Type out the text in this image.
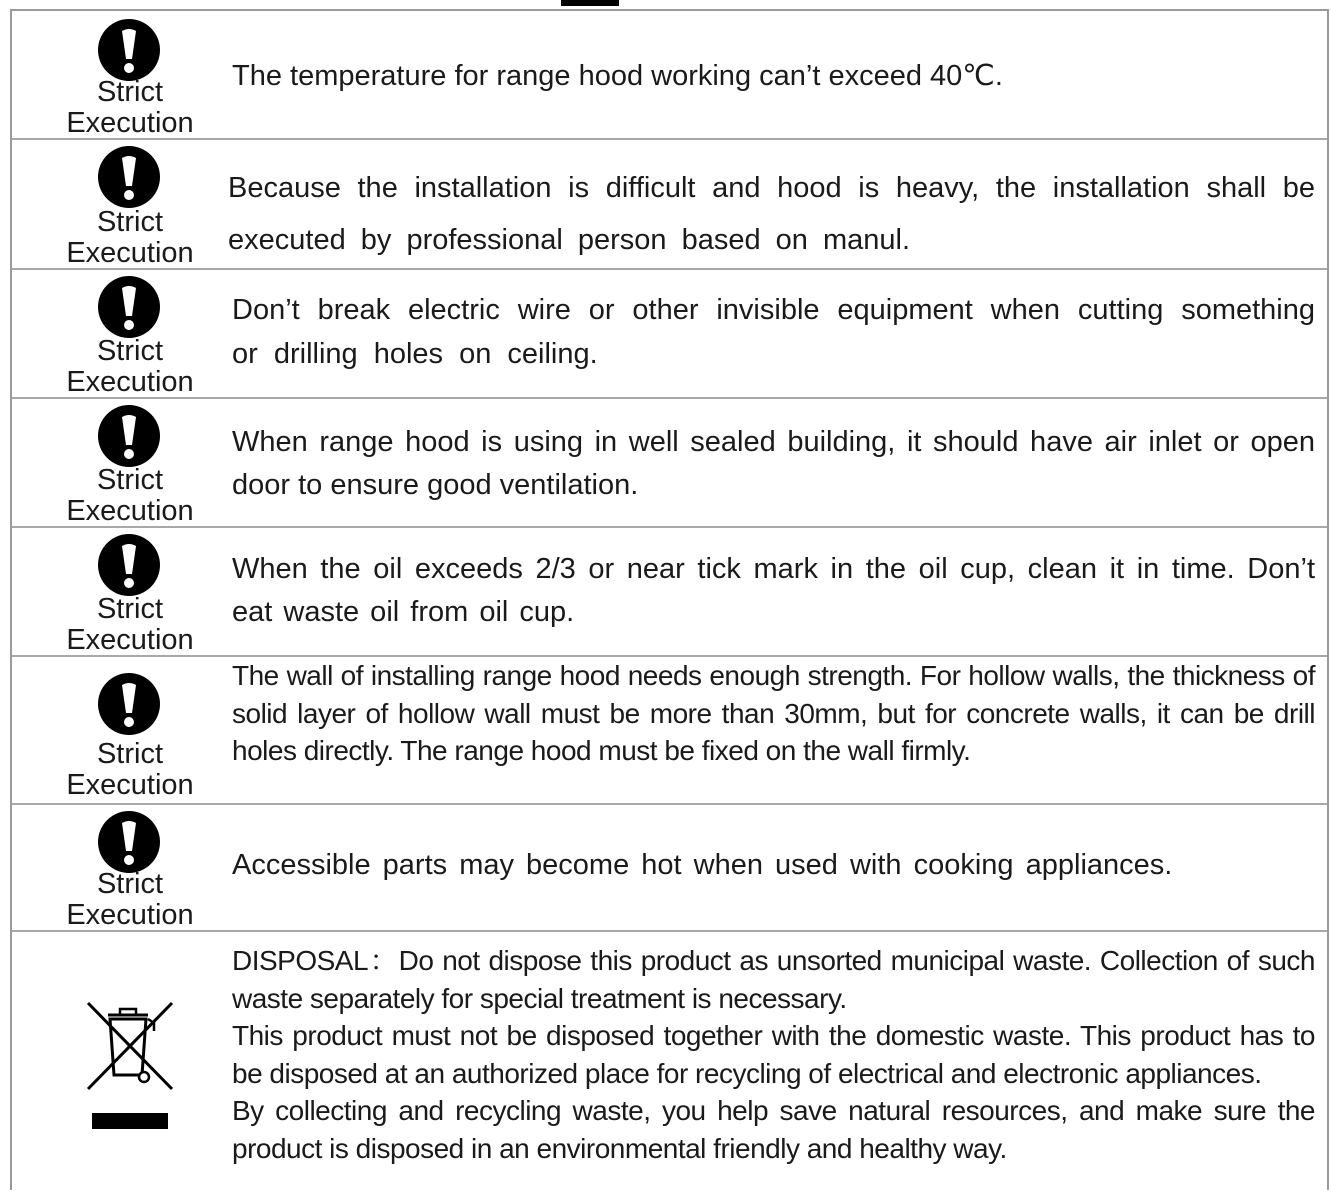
Strict
Execution
The temperature for range hood working can’t exceed 40℃.
Strict
Execution
Because the installation is difficult and hood is heavy, the installation shall be executed by professional person based on manul.
Strict
Execution
Don’t break electric wire or other invisible equipment when cutting something or drilling holes on ceiling.
Strict
Execution
When range hood is using in well sealed building, it should have air inlet or open door to ensure good ventilation.
Strict
Execution
When the oil exceeds 2/3 or near tick mark in the oil cup, clean it in time. Don’t eat waste oil from oil cup.
Strict
Execution
The wall of installing range hood needs enough strength. For hollow walls, the thickness of solid layer of hollow wall must be more than 30mm, but for concrete walls, it can be drill holes directly. The range hood must be fixed on the wall firmly.
Strict
Execution
Accessible parts may become hot when used with cooking appliances.
DISPOSAL：Do not dispose this product as unsorted municipal waste. Collection of such waste separately for special treatment is necessary.
This product must not be disposed together with the domestic waste. This product has to be disposed at an authorized place for recycling of electrical and electronic appliances.
By collecting and recycling waste, you help save natural resources, and make sure the product is disposed in an environmental friendly and healthy way.
